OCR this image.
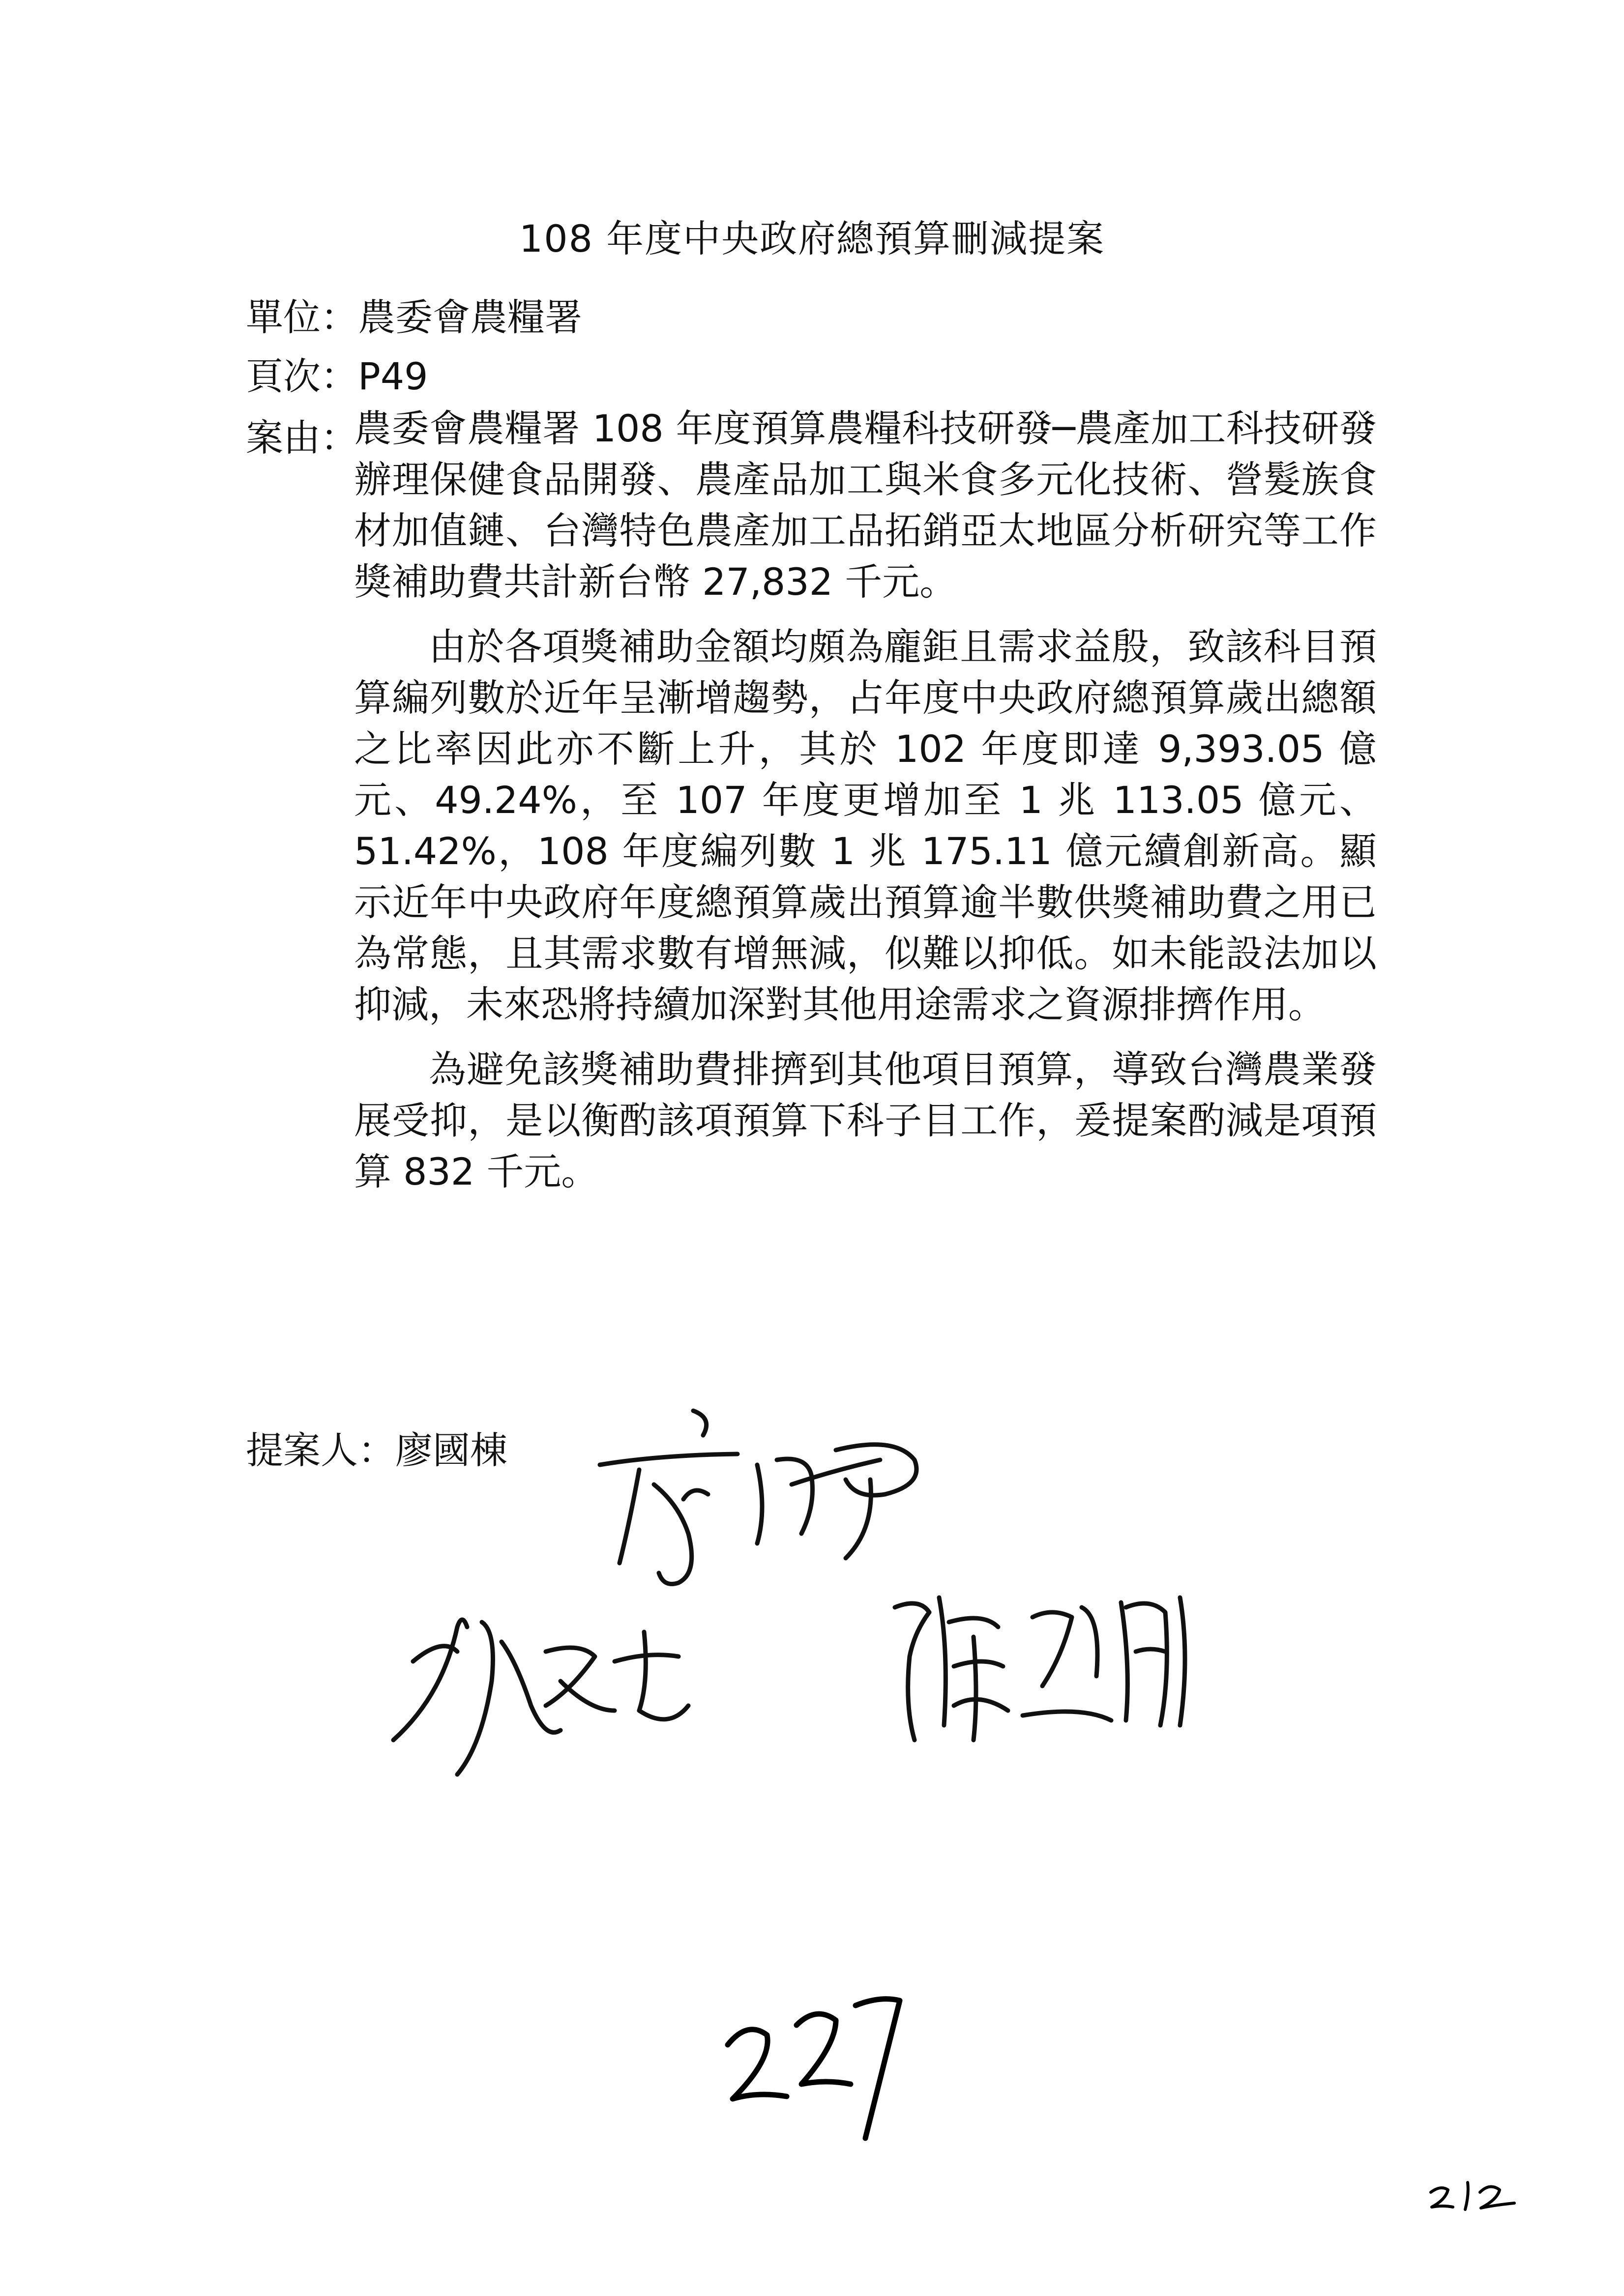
108 年度中央政府總預算刪減提案
單位：農委會農糧署
頁次：P49
案由：

農委會農糧署 108 年度預算農糧科技研發─農產加工科技研發辦理保健食品開發、農產品加工與米食多元化技術、營髮族食材加值鏈、台灣特色農產加工品拓銷亞太地區分析研究等工作獎補助費共計新台幣 27,832 千元。

由於各項獎補助金額均頗為龐鉅且需求益殷，致該科目預算編列數於近年呈漸增趨勢，占年度中央政府總預算歲出總額之比率因此亦不斷上升，其於 102 年度即達 9,393.05 億元、49.24%，至 107 年度更增加至 1 兆 113.05 億元、51.42%，108 年度編列數 1 兆 175.11 億元續創新高。顯示近年中央政府年度總預算歲出預算逾半數供獎補助費之用已為常態，且其需求數有增無減，似難以抑低。如未能設法加以抑減，未來恐將持續加深對其他用途需求之資源排擠作用。

為避免該獎補助費排擠到其他項目預算，導致台灣農業發展受抑，是以衡酌該項預算下科子目工作，爰提案酌減是項預算 832 千元。

提案人：廖國棟
